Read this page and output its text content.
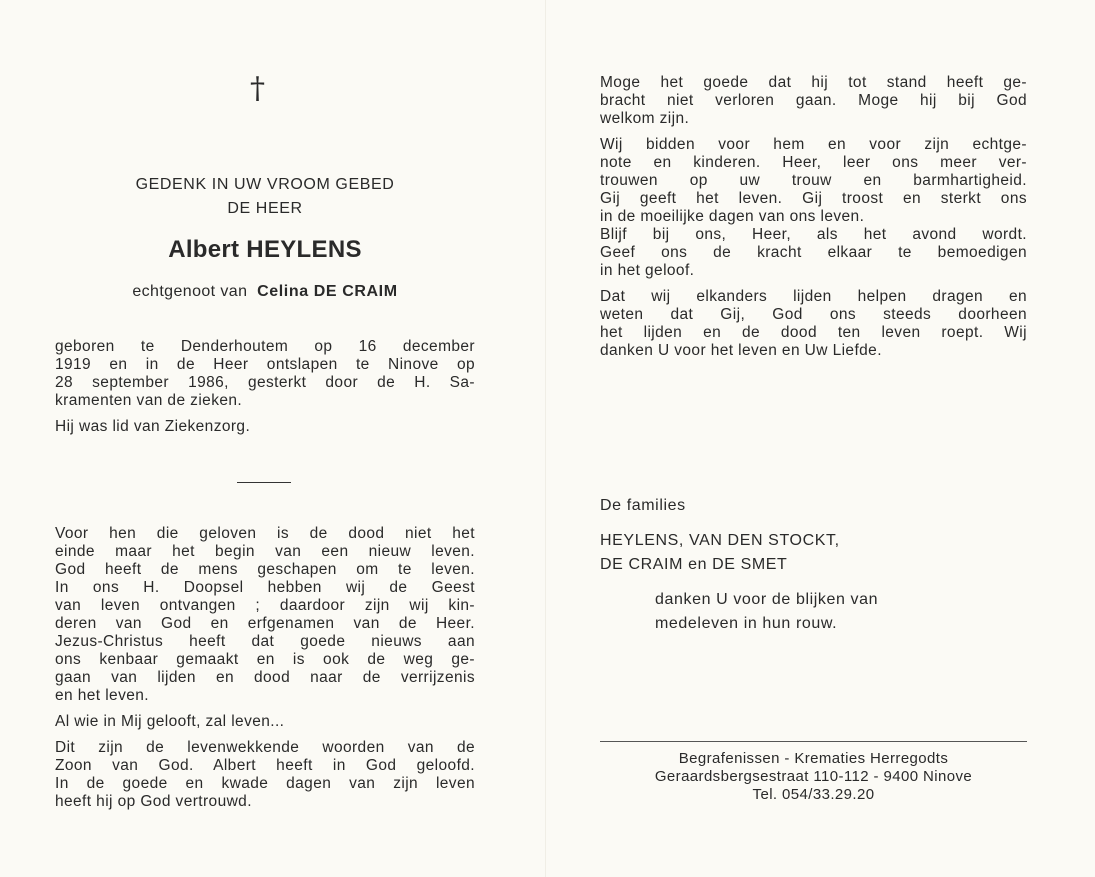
†
GEDENK IN UW VROOM GEBED
DE HEER
Albert HEYLENS
echtgenoot van Celina DE CRAIM

geboren te Denderhoutem op 16 december
1919 en in de Heer ontslapen te Ninove op
28 september 1986, gesterkt door de H. Sa-
kramenten van de zieken.

Hij was lid van Ziekenzorg.

Voor hen die geloven is de dood niet het
einde maar het begin van een nieuw leven.
God heeft de mens geschapen om te leven.
In ons H. Doopsel hebben wij de Geest
van leven ontvangen ; daardoor zijn wij kin-
deren van God en erfgenamen van de Heer.
Jezus-Christus heeft dat goede nieuws aan
ons kenbaar gemaakt en is ook de weg ge-
gaan van lijden en dood naar de verrijzenis
en het leven.

Al wie in Mij gelooft, zal leven...

Dit zijn de levenwekkende woorden van de
Zoon van God. Albert heeft in God geloofd.
In de goede en kwade dagen van zijn leven
heeft hij op God vertrouwd.

Moge het goede dat hij tot stand heeft ge-
bracht niet verloren gaan. Moge hij bij God
welkom zijn.

Wij bidden voor hem en voor zijn echtge-
note en kinderen. Heer, leer ons meer ver-
trouwen op uw trouw en barmhartigheid.
Gij geeft het leven. Gij troost en sterkt ons
in de moeilijke dagen van ons leven.
Blijf bij ons, Heer, als het avond wordt.
Geef ons de kracht elkaar te bemoedigen
in het geloof.

Dat wij elkanders lijden helpen dragen en
weten dat Gij, God ons steeds doorheen
het lijden en de dood ten leven roept. Wij
danken U voor het leven en Uw Liefde.

De families
HEYLENS, VAN DEN STOCKT,
DE CRAIM en DE SMET
danken U voor de blijken van
medeleven in hun rouw.
Begrafenissen - Krematies Herregodts
Geraardsbergsestraat 110-112 - 9400 Ninove
Tel. 054/33.29.20
